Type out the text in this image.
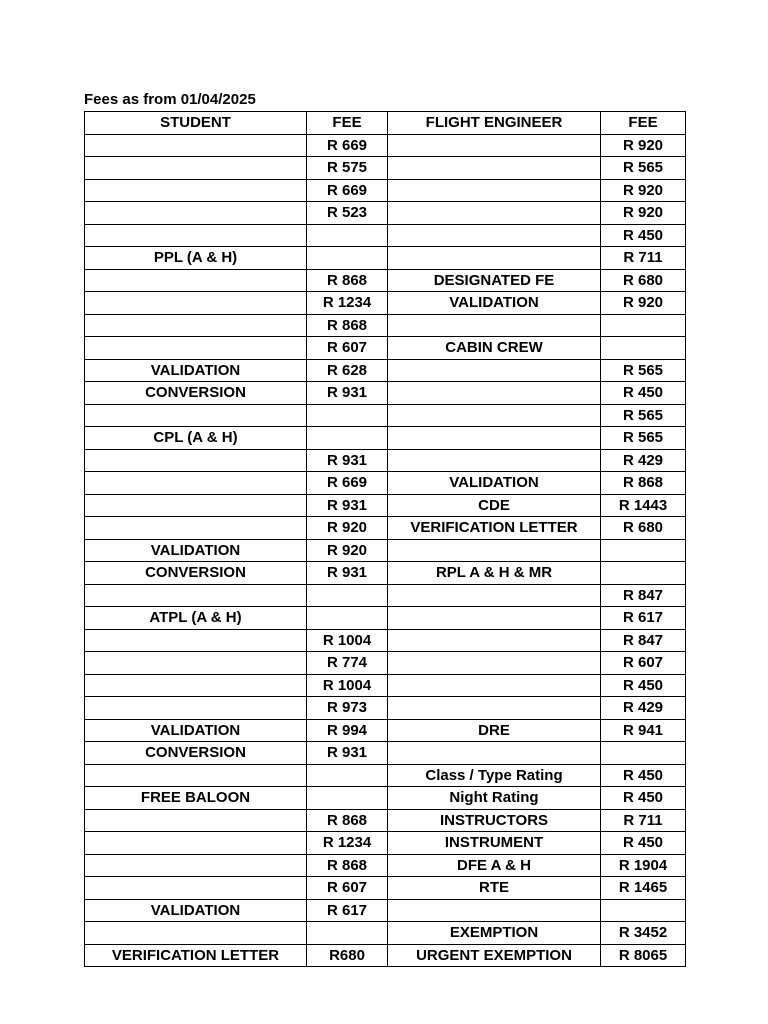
Fees as from 01/04/2025
STUDENT	FEE	FLIGHT ENGINEER	FEE
	R 669		R 920
	R 575		R 565
	R 669		R 920
	R 523		R 920
			R 450
PPL (A & H)			R 711
	R 868	DESIGNATED FE	R 680
	R 1234	VALIDATION	R 920
	R 868		
	R 607	CABIN CREW	
VALIDATION	R 628		R 565
CONVERSION	R 931		R 450
			R 565
CPL (A & H)			R 565
	R 931		R 429
	R 669	VALIDATION	R 868
	R 931	CDE	R 1443
	R 920	VERIFICATION LETTER	R 680
VALIDATION	R 920		
CONVERSION	R 931	RPL A & H & MR	
			R 847
ATPL (A & H)			R 617
	R 1004		R 847
	R 774		R 607
	R 1004		R 450
	R 973		R 429
VALIDATION	R 994	DRE	R 941
CONVERSION	R 931		
		Class / Type Rating	R 450
FREE BALOON		Night Rating	R 450
	R 868	INSTRUCTORS	R 711
	R 1234	INSTRUMENT	R 450
	R 868	DFE A & H	R 1904
	R 607	RTE	R 1465
VALIDATION	R 617		
		EXEMPTION	R 3452
VERIFICATION LETTER	R680	URGENT EXEMPTION	R 8065
